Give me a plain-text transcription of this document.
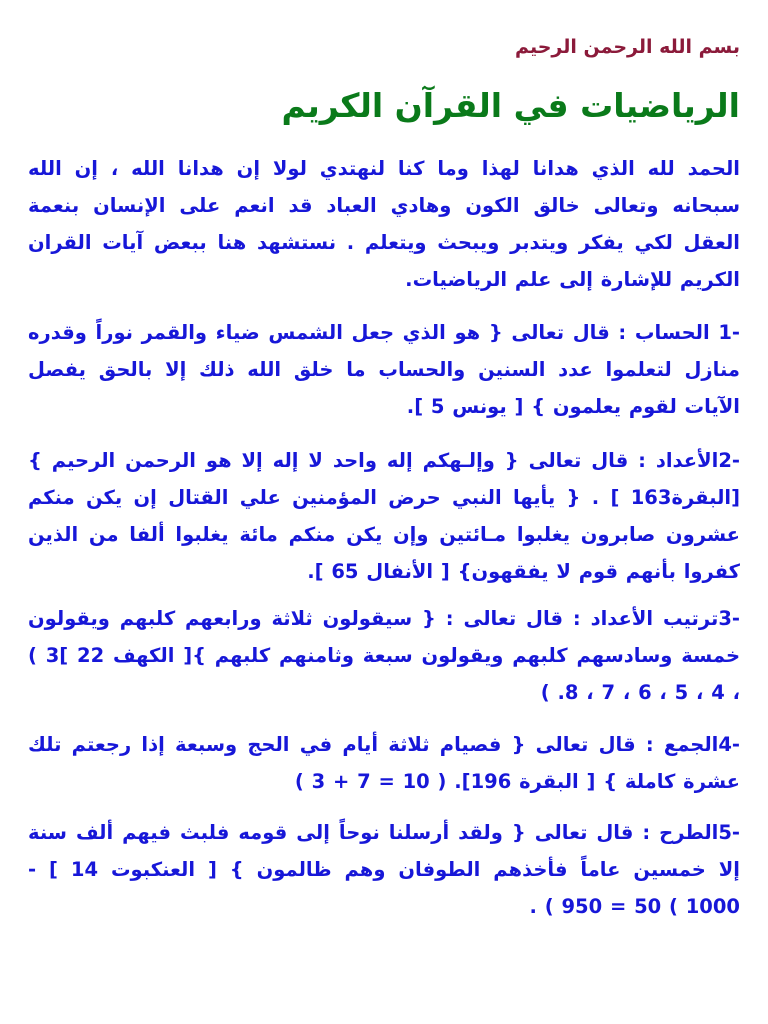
بسم الله الرحمن الرحيم
الرياضيات في القرآن الكريم
الحمد لله الذي هدانا لهذا وما كنا لنهتدي لولا إن هدانا الله ، إن الله سبحانه وتعالى خالق الكون وهادي العباد قد انعم على الإنسان بنعمة العقل لكي يفكر ويتدبر ويبحث ويتعلم . نستشهد هنا ببعض آيات القران الكريم للإشارة إلى علم الرياضيات.
-1 الحساب : قال تعالى { هو الذي جعل الشمس ضياء والقمر نوراً وقدره منازل لتعلموا عدد السنين والحساب ما خلق الله ذلك إلا بالحق يفصل الآيات لقوم يعلمون } [ يونس 5 ].
-2الأعداد : قال تعالى { وإلـهكم إله واحد لا إله إلا هو الرحمن الرحيم }[البقرة163 ] . { يأيها النبي حرض المؤمنين علي القتال إن يكن منكم عشرون صابرون يغلبوا مـائتين وإن يكن منكم مائة يغلبوا ألفا من الذين كفروا بأنهم قوم لا يفقهون} [ الأنفال 65 ].
-3ترتيب الأعداد : قال تعالى : { سيقولون ثلاثة ورابعهم كلبهم ويقولون خمسة وسادسهم كلبهم ويقولون سبعة وثامنهم كلبهم }[ الكهف 22 ]3 ) ، 4 ، 5 ، 6 ، 7 ، 8. )
-4الجمع : قال تعالى { فصيام ثلاثة أيام في الحج وسبعة إذا رجعتم تلك عشرة كاملة } [ البقرة 196]. ( 10 = 7 + 3 )
-5الطرح : قال تعالى { ولقد أرسلنا نوحاً إلى قومه فلبث فيهم ألف سنة إلا خمسين عاماً فأخذهم الطوفان وهم ظالمون } [ العنكبوت 14 ] - 1000 ) 50 = 950 ) .
